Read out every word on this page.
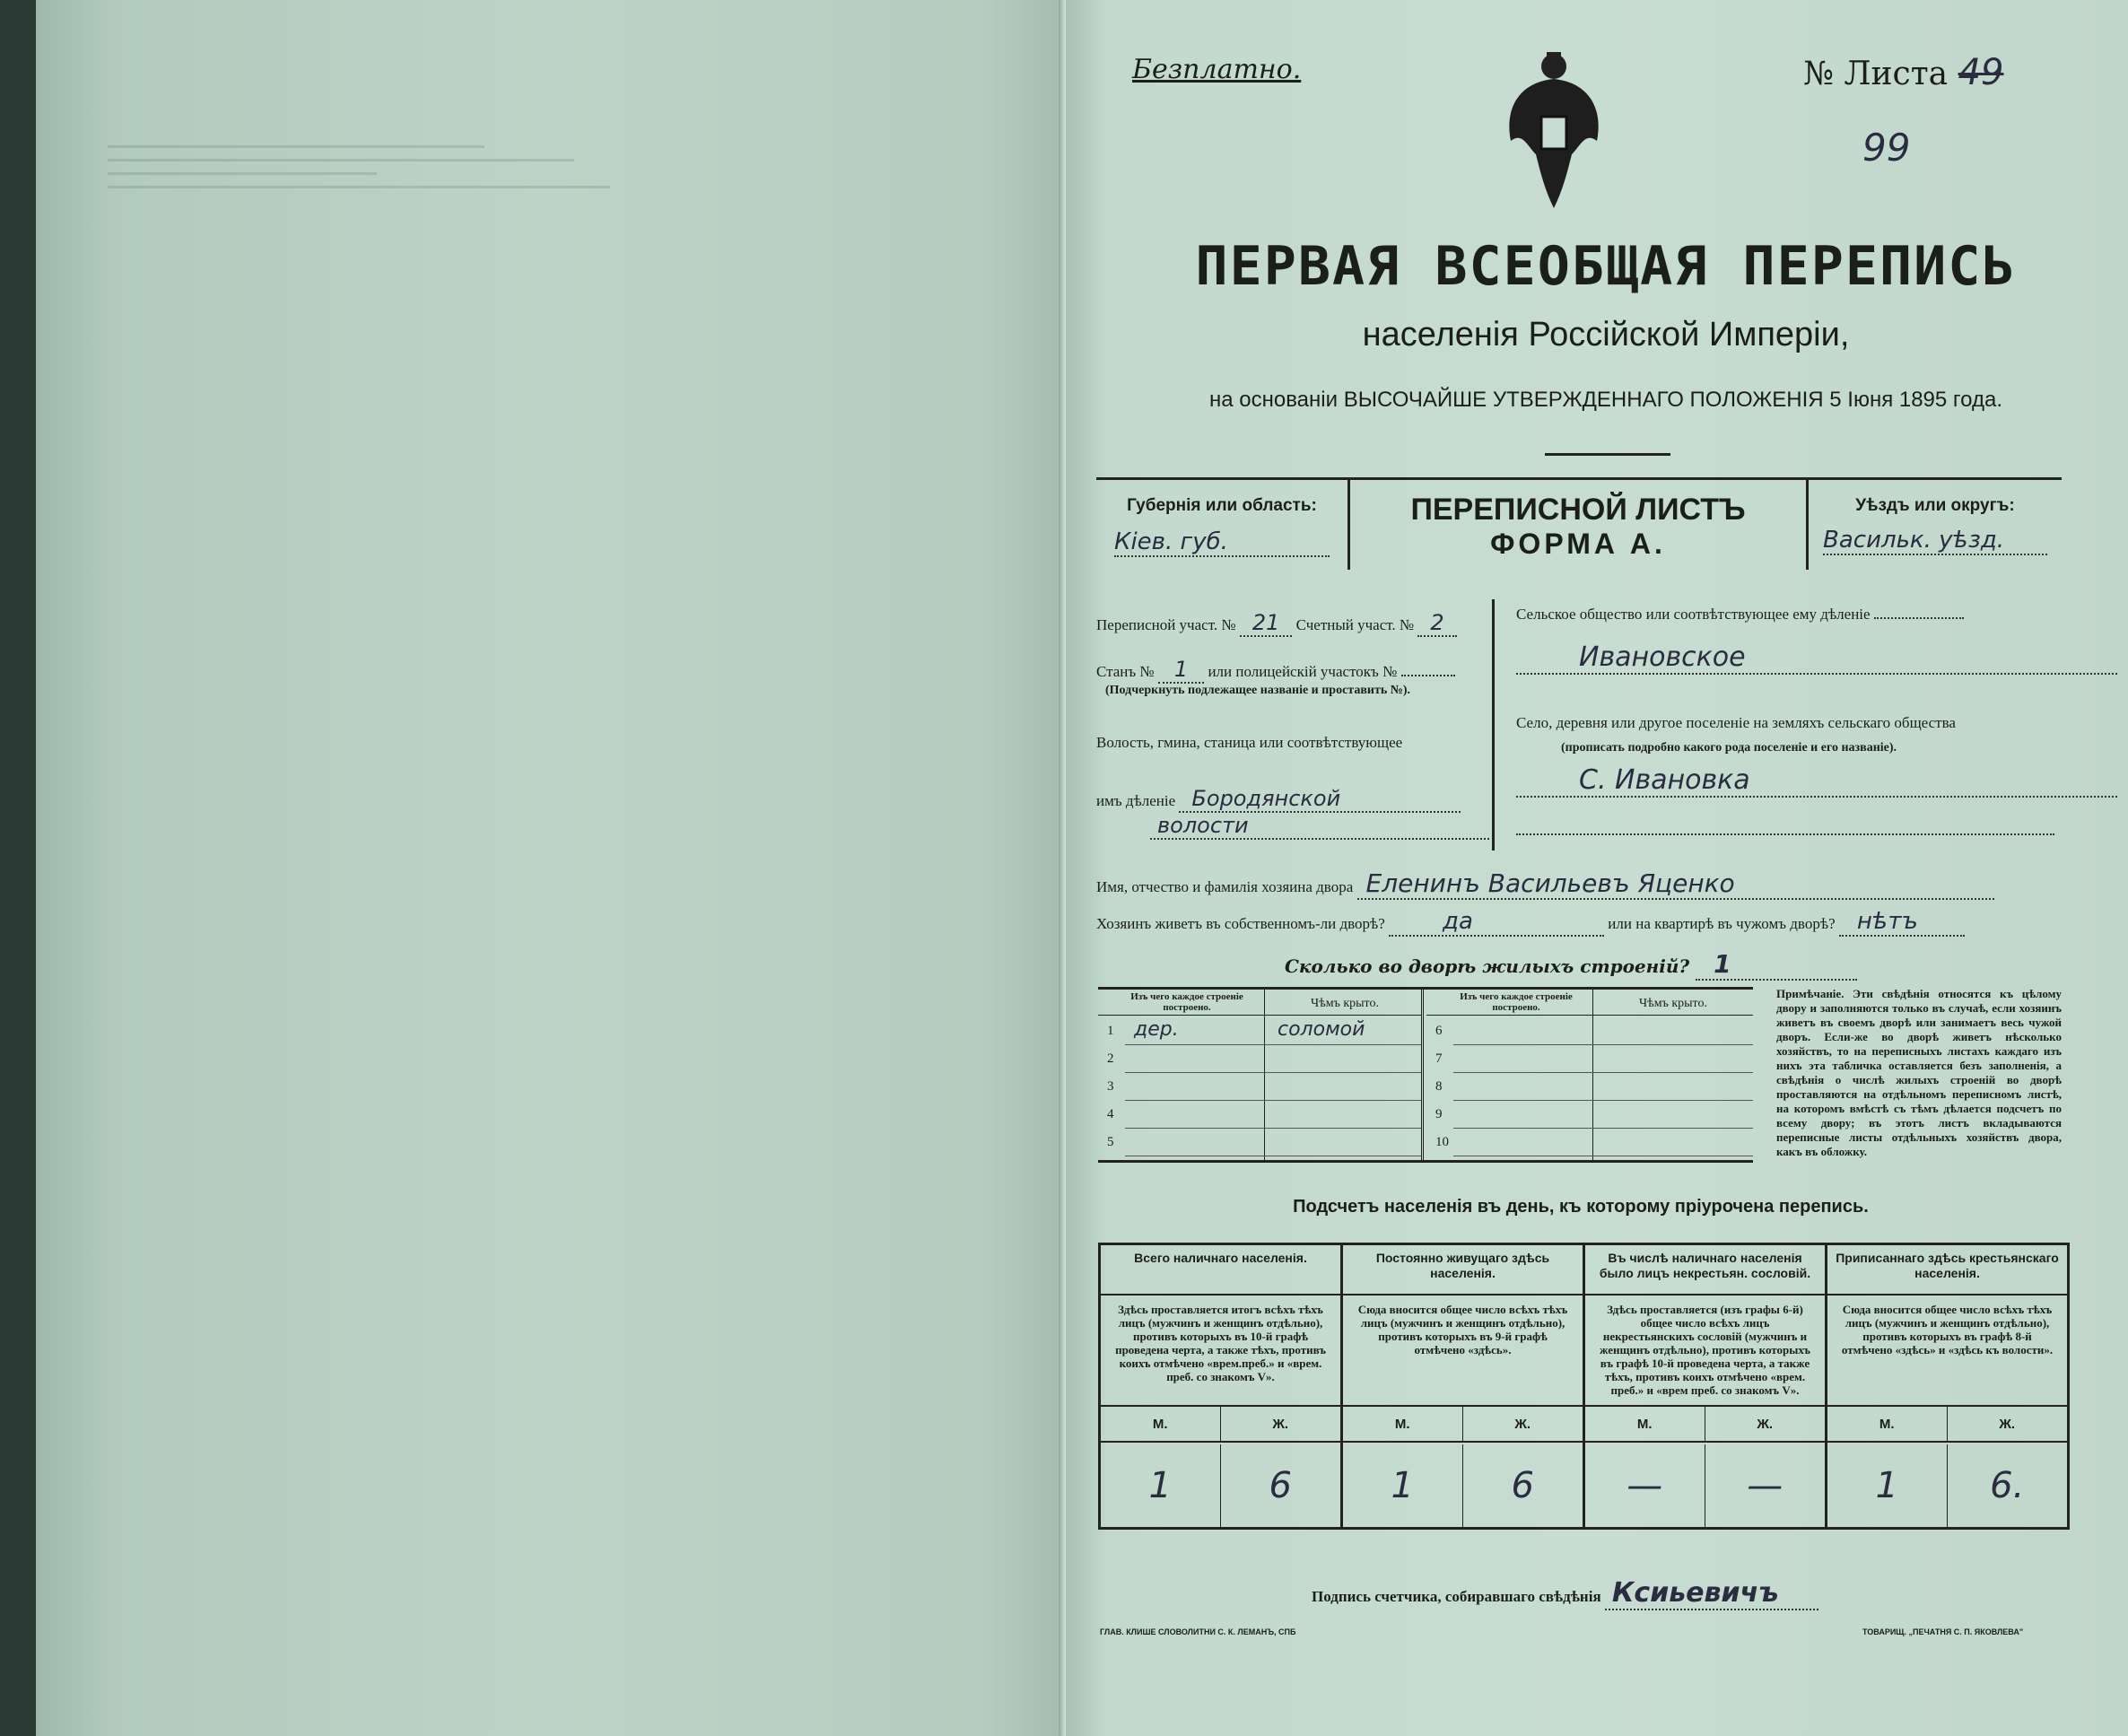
Безплатно.	№ Листа 49
99
ПЕРВАЯ ВСЕОБЩАЯ ПЕРЕПИСЬ
населенія Россійской Имперіи,
на основаніи ВЫСОЧАЙШЕ УТВЕРЖДЕННАГО ПОЛОЖЕНІЯ 5 Іюня 1895 года.
Губернія или область:
Кіев. губ.
ПЕРЕПИСНОЙ ЛИСТЪ
ФОРМА А.
Уѣздъ или округъ:
Васильк. уѣзд.
Переписной участ. № 21 Счетный участ. № 2
Станъ № 1 или полицейскій участокъ №
(Подчеркнуть подлежащее названіе и проставить №).
Волость, гмина, станица или соотвѣтствующее
имъ дѣленіе Бородянской
волости
Сельское общество или соотвѣтствующее ему дѣленіе
Ивановское
Село, деревня или другое поселеніе на земляхъ сельскаго общества
(прописать подробно какого рода поселеніе и его названіе).
С. Ивановка
Имя, отчество и фамилія хозяина двора Еленинъ Васильевъ Яценко
Хозяинъ живетъ въ собственномъ-ли дворѣ? да	или на квартирѣ въ чужомъ дворѣ? нѣтъ
Сколько во дворѣ жилыхъ строеній? 1
Изъ чего каждое строеніе построено.	Чѣмъ крыто.
1 дер.	соломой
2
3
4
5
Изъ чего каждое строеніе построено.	Чѣмъ крыто.
6
7
8
9
10
Примѣчаніе. Эти свѣдѣнія относятся къ цѣлому двору и заполняются только въ случаѣ, если хозяинъ живетъ въ своемъ дворѣ или занимаетъ весь чужой дворъ. Если-же во дворѣ живетъ нѣсколько хозяйствъ, то на переписныхъ листахъ каждаго изъ нихъ эта табличка оставляется безъ заполненія, а свѣдѣнія о числѣ жилыхъ строеній во дворѣ проставляются на отдѣльномъ переписномъ листѣ, на которомъ вмѣстѣ съ тѣмъ дѣлается подсчетъ по всему двору; въ этотъ листъ вкладываются переписные листы отдѣльныхъ хозяйствъ двора, какъ въ обложку.
Подсчетъ населенія въ день, къ которому пріурочена перепись.
Всего наличнаго населенія.
Здѣсь проставляется итогъ всѣхъ тѣхъ лицъ (мужчинъ и женщинъ отдѣльно), противъ которыхъ въ 10-й графѣ проведена черта, а также тѣхъ, противъ коихъ отмѣчено «врем.преб.» и «врем. преб. со знакомъ V».
М.	Ж.
1	6
Постоянно живущаго здѣсь населенія.
Сюда вносится общее число всѣхъ тѣхъ лицъ (мужчинъ и женщинъ отдѣльно), противъ которыхъ въ 9-й графѣ отмѣчено «здѣсь».
М.	Ж.
1	6
Въ числѣ наличнаго населенія было лицъ некрестьян. сословій.
Здѣсь проставляется (изъ графы 6-й) общее число всѣхъ лицъ некрестьянскихъ сословій (мужчинъ и женщинъ отдѣльно), противъ которыхъ въ графѣ 10-й проведена черта, а также тѣхъ, противъ коихъ отмѣчено «врем. преб.» и «врем преб. со знакомъ V».
М.	Ж.
—	—
Приписаннаго здѣсь крестьянскаго населенія.
Сюда вносится общее число всѣхъ тѣхъ лицъ (мужчинъ и женщинъ отдѣльно), противъ которыхъ въ графѣ 8-й отмѣчено «здѣсь» и «здѣсь къ волости».
М.	Ж.
1	6.
Подпись счетчика, собиравшаго свѣдѣнія Ксиьевичъ
ГЛАВ. КЛИШЕ СЛОВОЛИТНИ С. К. ЛЕМАНЪ, СПБ	ТОВАРИЩ. „ПЕЧАТНЯ С. П. ЯКОВЛЕВА"
